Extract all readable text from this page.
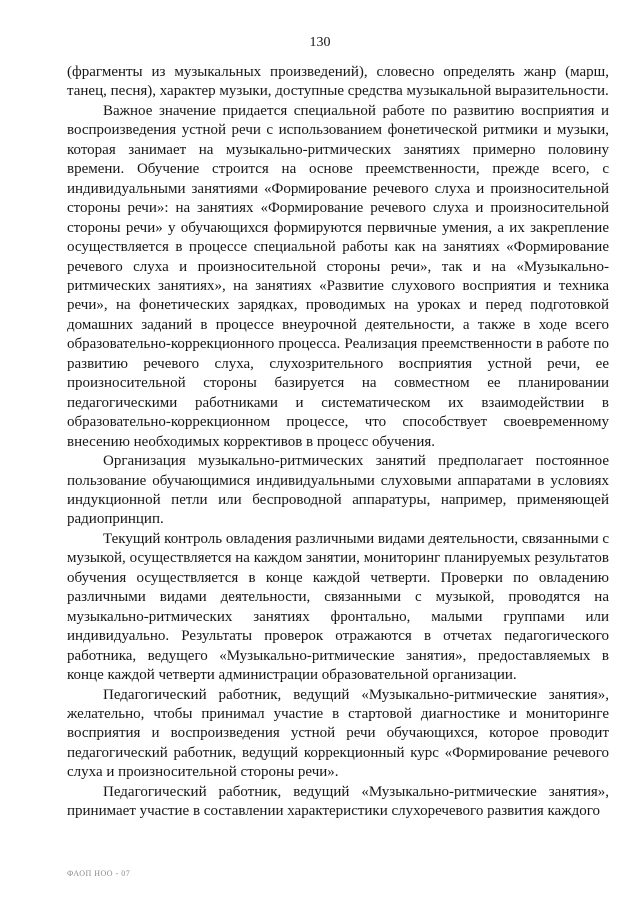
130

(фрагменты из музыкальных произведений), словесно определять жанр (марш, танец, песня), характер музыки, доступные средства музыкальной выразительности.

Важное значение придается специальной работе по развитию восприятия и воспроизведения устной речи с использованием фонетической ритмики и музыки, которая занимает на музыкально-ритмических занятиях примерно половину времени. Обучение строится на основе преемственности, прежде всего, с индивидуальными занятиями «Формирование речевого слуха и произносительной стороны речи»: на занятиях «Формирование речевого слуха и произносительной стороны речи» у обучающихся формируются первичные умения, а их закрепление осуществляется в процессе специальной работы как на занятиях «Формирование речевого слуха и произносительной стороны речи», так и на «Музыкально-ритмических занятиях», на занятиях «Развитие слухового восприятия и техника речи», на фонетических зарядках, проводимых на уроках и перед подготовкой домашних заданий в процессе внеурочной деятельности, а также в ходе всего образовательно-коррекционного процесса. Реализация преемственности в работе по развитию речевого слуха, слухозрительного восприятия устной речи, ее произносительной стороны базируется на совместном ее планировании педагогическими работниками и систематическом их взаимодействии в образовательно-коррекционном процессе, что способствует своевременному внесению необходимых коррективов в процесс обучения.

Организация музыкально-ритмических занятий предполагает постоянное пользование обучающимися индивидуальными слуховыми аппаратами в условиях индукционной петли или беспроводной аппаратуры, например, применяющей радиопринцип.

Текущий контроль овладения различными видами деятельности, связанными с музыкой, осуществляется на каждом занятии, мониторинг планируемых результатов обучения осуществляется в конце каждой четверти. Проверки по овладению различными видами деятельности, связанными с музыкой, проводятся на музыкально-ритмических занятиях фронтально, малыми группами или индивидуально. Результаты проверок отражаются в отчетах педагогического работника, ведущего «Музыкально-ритмические занятия», предоставляемых в конце каждой четверти администрации образовательной организации.

Педагогический работник, ведущий «Музыкально-ритмические занятия», желательно, чтобы принимал участие в стартовой диагностике и мониторинге восприятия и воспроизведения устной речи обучающихся, которое проводит педагогический работник, ведущий коррекционный курс «Формирование речевого слуха и произносительной стороны речи».

Педагогический работник, ведущий «Музыкально-ритмические занятия», принимает участие в составлении характеристики слухоречевого развития каждого

ФАОП НОО - 07
